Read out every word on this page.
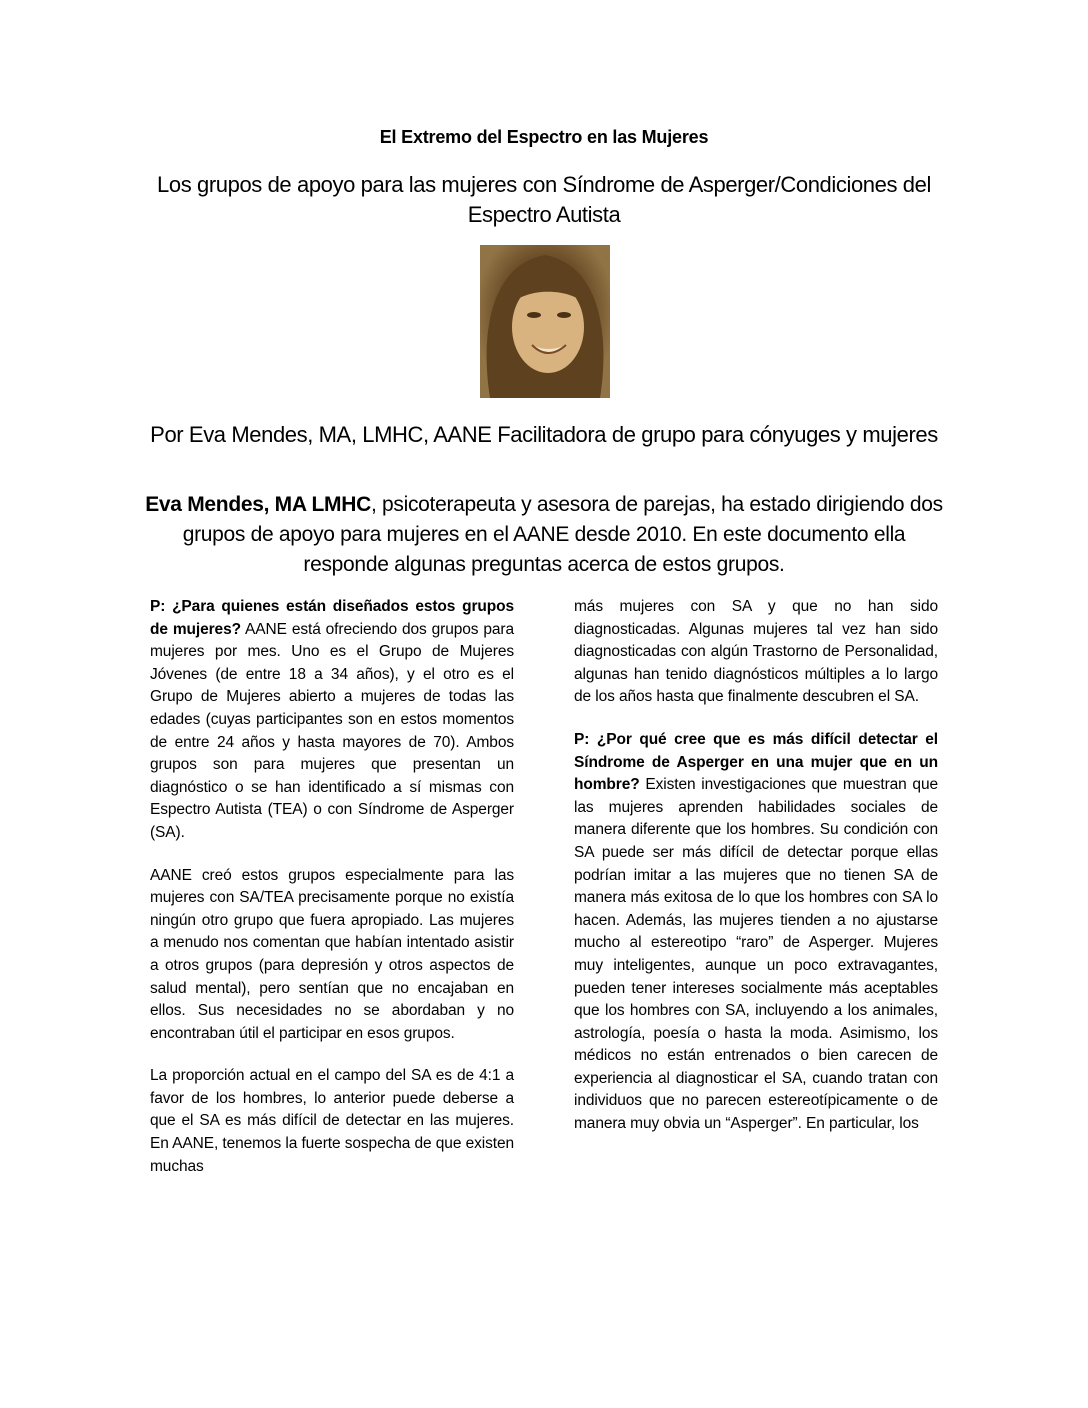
El Extremo del Espectro en las Mujeres
Los grupos de apoyo para las mujeres con Síndrome de Asperger/Condiciones del Espectro Autista
Por Eva Mendes, MA, LMHC, AANE Facilitadora de grupo para cónyuges y mujeres
Eva Mendes, MA LMHC, psicoterapeuta y asesora de parejas, ha estado dirigiendo dos grupos de apoyo para mujeres en el AANE desde 2010. En este documento ella responde algunas preguntas acerca de estos grupos.

P: ¿Para quienes están diseñados estos grupos de mujeres? AANE está ofreciendo dos grupos para mujeres por mes. Uno es el Grupo de Mujeres Jóvenes (de entre 18 a 34 años), y el otro es el Grupo de Mujeres abierto a mujeres de todas las edades (cuyas participantes son en estos momentos de entre 24 años y hasta mayores de 70). Ambos grupos son para mujeres que presentan un diagnóstico o se han identificado a sí mismas con Espectro Autista (TEA) o con Síndrome de Asperger (SA).

AANE creó estos grupos especialmente para las mujeres con SA/TEA precisamente porque no existía ningún otro grupo que fuera apropiado. Las mujeres a menudo nos comentan que habían intentado asistir a otros grupos (para depresión y otros aspectos de salud mental), pero sentían que no encajaban en ellos. Sus necesidades no se abordaban y no encontraban útil el participar en esos grupos.

La proporción actual en el campo del SA es de 4:1 a favor de los hombres, lo anterior puede deberse a que el SA es más difícil de detectar en las mujeres. En AANE, tenemos la fuerte sospecha de que existen muchas

más mujeres con SA y que no han sido diagnosticadas. Algunas mujeres tal vez han sido diagnosticadas con algún Trastorno de Personalidad, algunas han tenido diagnósticos múltiples a lo largo de los años hasta que finalmente descubren el SA.

P: ¿Por qué cree que es más difícil detectar el Síndrome de Asperger en una mujer que en un hombre? Existen investigaciones que muestran que las mujeres aprenden habilidades sociales de manera diferente que los hombres. Su condición con SA puede ser más difícil de detectar porque ellas podrían imitar a las mujeres que no tienen SA de manera más exitosa de lo que los hombres con SA lo hacen. Además, las mujeres tienden a no ajustarse mucho al estereotipo “raro” de Asperger. Mujeres muy inteligentes, aunque un poco extravagantes, pueden tener intereses socialmente más aceptables que los hombres con SA, incluyendo a los animales, astrología, poesía o hasta la moda. Asimismo, los médicos no están entrenados o bien carecen de experiencia al diagnosticar el SA, cuando tratan con individuos que no parecen estereotípicamente o de manera muy obvia un “Asperger”. En particular, los
